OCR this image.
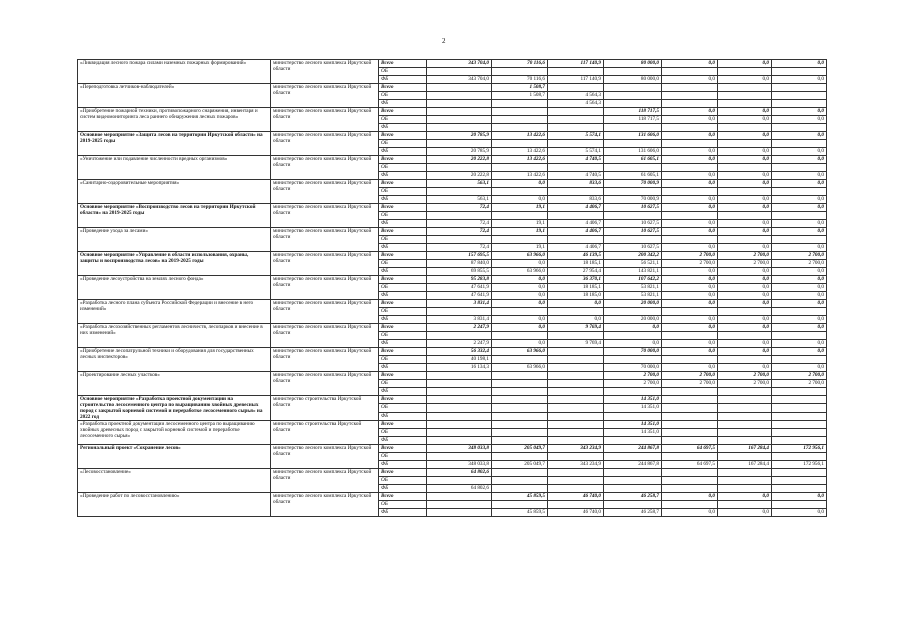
2
«Ликвидация лесного пожара силами наземных пожарных формирований»	министерство лесного комплекса Иркутской области	Всего	343 704,0	70 116,6	117 140,9	80 000,0	0,0	0,0	0,0
		ОБ							
		ФБ	343 704,0	70 116,6	117 140,9	80 000,0	0,0	0,0	0,0
«Переподготовка летчиков-наблюдателей»	министерство лесного комплекса Иркутской области	Всего		1 508,7					
		ОБ		1 508,7	4 564,3				
		ФБ			4 564,3				
«Приобретение пожарной техники, противопожарного снаряжения, инвентаря и систем видеомониторинга леса раннего обнаружения лесных пожаров»	министерство лесного комплекса Иркутской области	Всего				118 717,5	0,0	0,0	0,0
		ОБ				118 717,5	0,0	0,0	0,0
		ФБ							
Основное мероприятие «Защита лесов на территории Иркутской области» на 2019-2025 годы	министерство лесного комплекса Иркутской области	Всего	20 785,9	13 422,6	5 574,1	131 606,0	0,0	0,0	0,0
		ОБ							
		ФБ	20 785,9	13 422,6	5 574,1	131 606,0	0,0	0,0	0,0
«Уничтожение или подавление численности вредных организмов»	министерство лесного комплекса Иркутской области	Всего	20 222,8	13 422,6	4 740,5	61 605,1	0,0	0,0	0,0
		ОБ							
		ФБ	20 222,8	13 422,6	4 740,5	61 605,1	0,0	0,0	0,0
«Санитарно-оздоровительные мероприятия»	министерство лесного комплекса Иркутской области	Всего	563,1	0,0	833,6	70 000,9	0,0	0,0	0,0
		ОБ							
		ФБ	563,1	0,0	833,6	70 000,9	0,0	0,0	0,0
Основное мероприятие «Воспроизводство лесов на территории Иркутской области» на 2019-2025 годы	министерство лесного комплекса Иркутской области	Всего	72,4	19,1	4 406,7	10 627,5	0,0	0,0	0,0
		ОБ							
		ФБ	72,4	19,1	4 406,7	10 627,5	0,0	0,0	0,0
«Проведение ухода за лесами»	министерство лесного комплекса Иркутской области	Всего	72,4	19,1	4 406,7	10 627,5	0,0	0,0	0,0
		ОБ							
		ФБ	72,4	19,1	4 406,7	10 627,5	0,0	0,0	0,0
Основное мероприятие «Управление в области использования, охраны, защиты и воспроизводства лесов» на 2019-2025 годы	министерство лесного комплекса Иркутской области	Всего	157 695,5	63 966,0	46 139,5	200 342,2	2 700,0	2 700,0	2 700,0
		ОБ	87 840,0	0,0	18 185,1	56 521,1	2 700,0	2 700,0	2 700,0
		ФБ	69 855,5	63 966,0	27 954,4	143 821,1	0,0	0,0	0,0
«Проведение лесоустройства на землях лесного фонда»	министерство лесного комплекса Иркутской области	Всего	95 283,8	0,0	36 370,1	107 642,2	0,0	0,0	0,0
		ОБ	47 641,9	0,0	18 185,1	53 821,1	0,0	0,0	0,0
		ФБ	47 641,9	0,0	18 185,0	53 821,1	0,0	0,0	0,0
«Разработка лесного плана субъекта Российской Федерации и внесение в него изменений»	министерство лесного комплекса Иркутской области	Всего	3 831,4	0,0	0,0	20 000,0	0,0	0,0	0,0
		ОБ							
		ФБ	3 831,4	0,0	0,0	20 000,0	0,0	0,0	0,0
«Разработка лесохозяйственных регламентов лесничеств, лесопарков и внесение в них изменений»	министерство лесного комплекса Иркутской области	Всего	2 247,9	0,0	9 769,4	0,0	0,0	0,0	0,0
		ОБ							
		ФБ	2 247,9	0,0	9 769,4	0,0	0,0	0,0	0,0
«Приобретение лесопатрульной техники и оборудования для государственных лесных инспекторов»	министерство лесного комплекса Иркутской области	Всего	56 332,4	63 966,0		70 000,0	0,0	0,0	0,0
		ОБ	40 198,1						
		ФБ	16 134,3	63 966,0		70 000,0	0,0	0,0	0,0
«Проектирование лесных участков»	министерство лесного комплекса Иркутской области	Всего				2 700,0	2 700,0	2 700,0	2 700,0
		ОБ				2 700,0	2 700,0	2 700,0	2 700,0
		ФБ							
Основное мероприятие «Разработка проектной документации на строительство лесосеменного центра по выращиванию хвойных древесных пород с закрытой корневой системой и переработке лесосеменного сырья» на 2022 год	министерство строительства Иркутской области	Всего				14 351,0			
		ОБ				14 351,0			
		ФБ							
«Разработка проектной документации лесосеменного центра по выращиванию хвойных древесных пород с закрытой корневой системой и переработке лесосеменного сырья»	министерство строительства Иркутской области	Всего				14 351,0			
		ОБ				14 351,0			
		ФБ							
Региональный проект «Сохранение лесов»	министерство лесного комплекса Иркутской области	Всего	348 033,8	205 049,7	343 234,9	244 867,8	64 697,5	167 284,4	172 956,1
		ОБ							
		ФБ	348 033,8	205 049,7	343 234,9	244 867,8	64 697,5	167 284,4	172 956,1
«Лесовосстановление»	министерство лесного комплекса Иркутской области	Всего	64 802,6						
		ОБ							
		ФБ	64 802,6						
«Проведение работ по лесовосстановлению»	министерство лесного комплекса Иркутской области	Всего		45 859,5	46 740,0	46 258,7	0,0	0,0	0,0
		ОБ							
		ФБ		45 859,5	46 740,0	46 258,7	0,0	0,0	0,0
